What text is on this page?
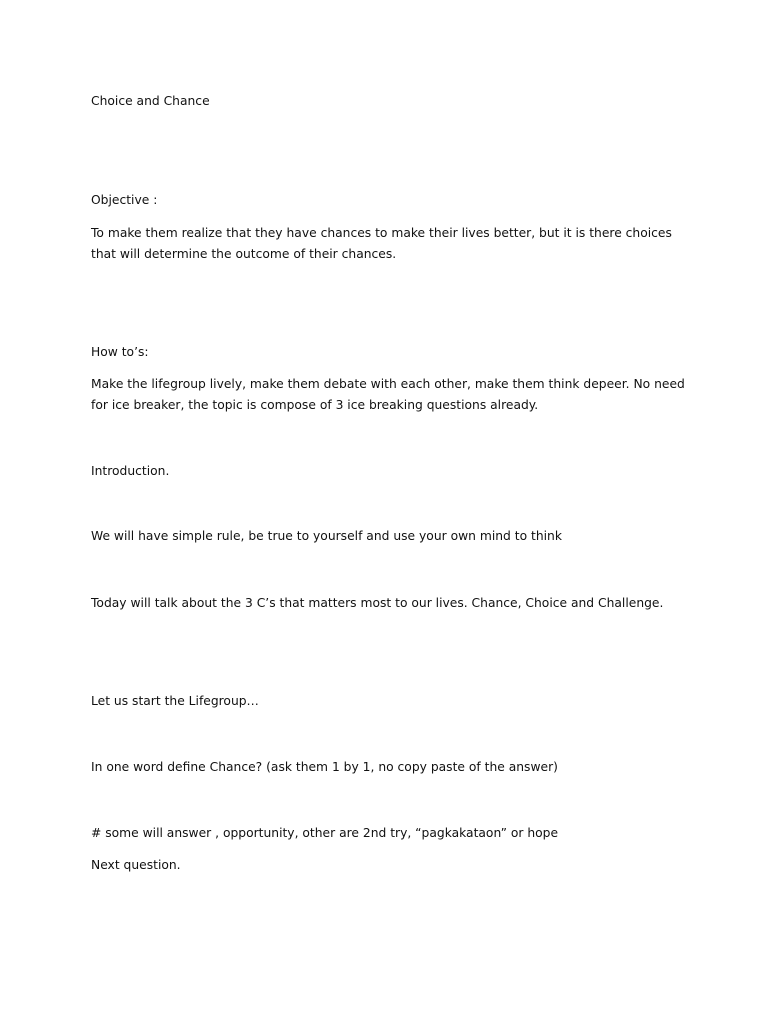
Choice and Chance

Objective :

To make them realize that they have chances to make their lives better, but it is there choices that will determine the outcome of their chances.

How to’s:

Make the lifegroup lively, make them debate with each other, make them think depeer. No need for ice breaker, the topic is compose of 3 ice breaking questions already.

Introduction.

We will have simple rule, be true to yourself and use your own mind to think

Today will talk about the 3 C’s that matters most to our lives. Chance, Choice and Challenge.

Let us start the Lifegroup…

In one word define Chance? (ask them 1 by 1, no copy paste of the answer)

# some will answer , opportunity, other are 2nd try, “pagkakataon” or hope

Next question.
